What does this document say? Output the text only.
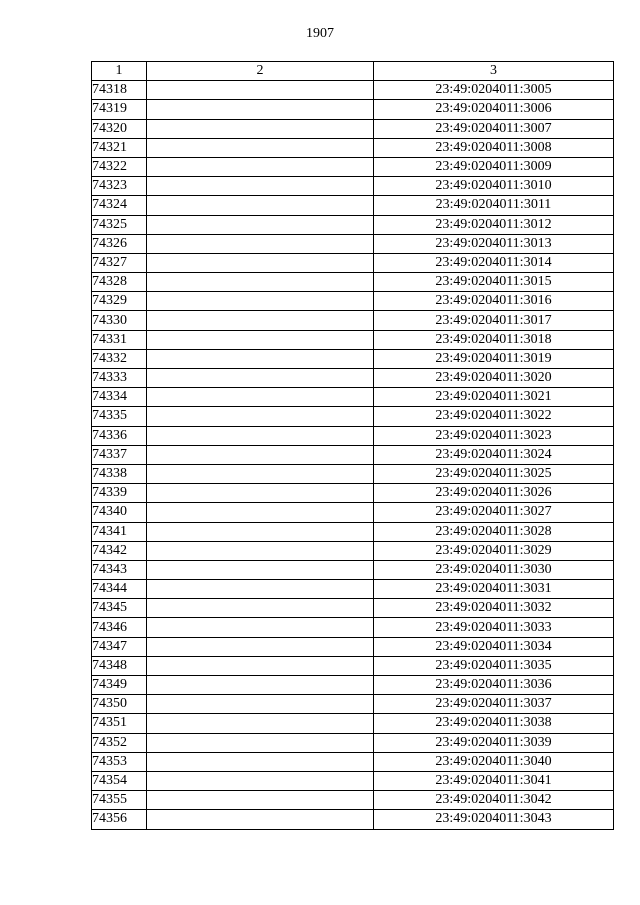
1907
1	2	3
74318		23:49:0204011:3005
74319		23:49:0204011:3006
74320		23:49:0204011:3007
74321		23:49:0204011:3008
74322		23:49:0204011:3009
74323		23:49:0204011:3010
74324		23:49:0204011:3011
74325		23:49:0204011:3012
74326		23:49:0204011:3013
74327		23:49:0204011:3014
74328		23:49:0204011:3015
74329		23:49:0204011:3016
74330		23:49:0204011:3017
74331		23:49:0204011:3018
74332		23:49:0204011:3019
74333		23:49:0204011:3020
74334		23:49:0204011:3021
74335		23:49:0204011:3022
74336		23:49:0204011:3023
74337		23:49:0204011:3024
74338		23:49:0204011:3025
74339		23:49:0204011:3026
74340		23:49:0204011:3027
74341		23:49:0204011:3028
74342		23:49:0204011:3029
74343		23:49:0204011:3030
74344		23:49:0204011:3031
74345		23:49:0204011:3032
74346		23:49:0204011:3033
74347		23:49:0204011:3034
74348		23:49:0204011:3035
74349		23:49:0204011:3036
74350		23:49:0204011:3037
74351		23:49:0204011:3038
74352		23:49:0204011:3039
74353		23:49:0204011:3040
74354		23:49:0204011:3041
74355		23:49:0204011:3042
74356		23:49:0204011:3043
